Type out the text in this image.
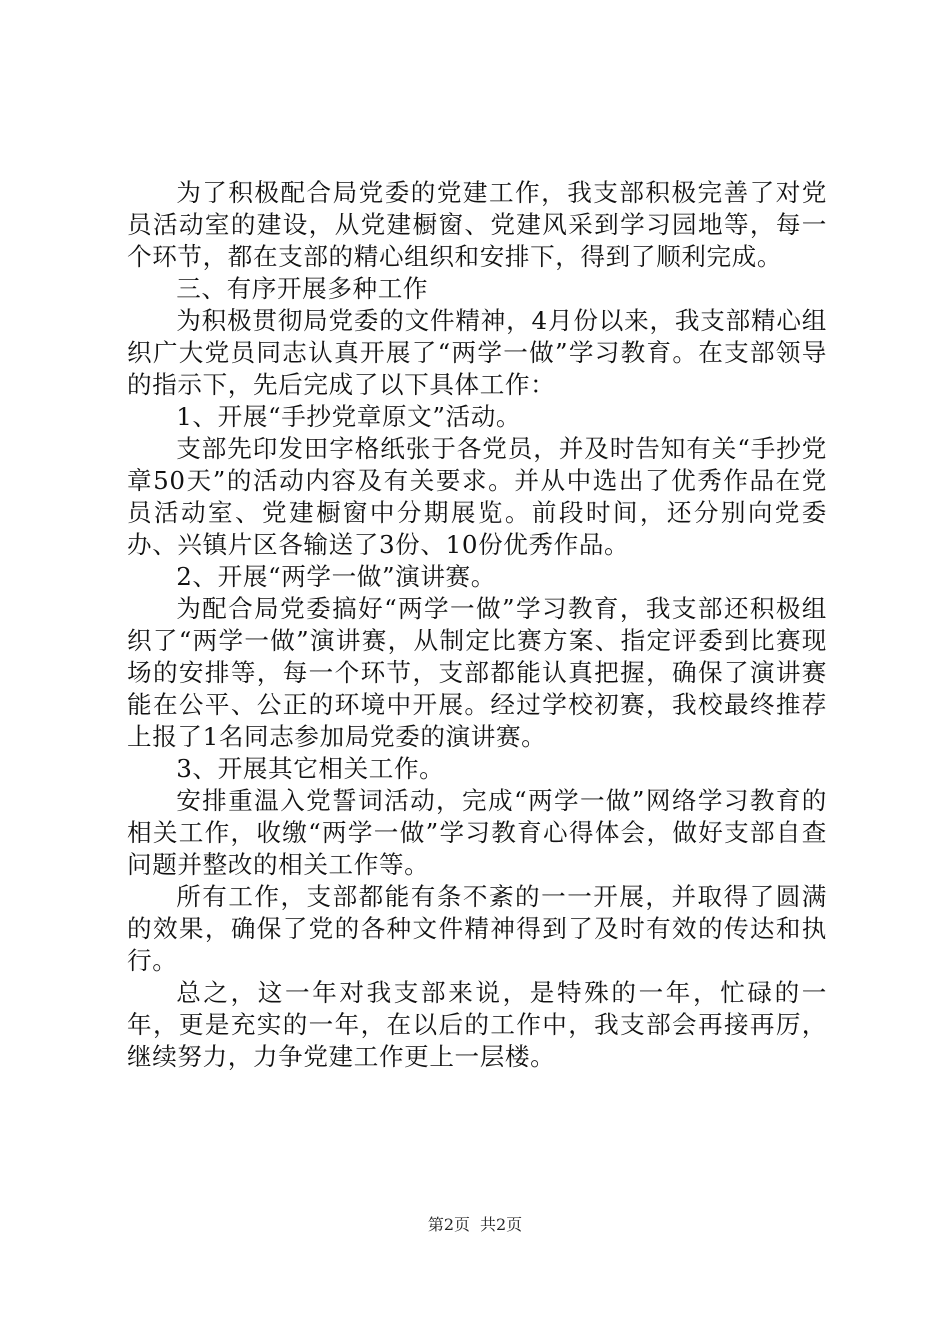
为了积极配合局党委的党建工作，我支部积极完善了对党员活动室的建设，从党建橱窗、党建风采到学习园地等，每一个环节，都在支部的精心组织和安排下，得到了顺利完成。

三、有序开展多种工作

为积极贯彻局党委的文件精神，4月份以来，我支部精心组织广大党员同志认真开展了“两学一做”学习教育。在支部领导的指示下，先后完成了以下具体工作：

1、开展“手抄党章原文”活动。

支部先印发田字格纸张于各党员，并及时告知有关“手抄党章50天”的活动内容及有关要求。并从中选出了优秀作品在党员活动室、党建橱窗中分期展览。前段时间，还分别向党委办、兴镇片区各输送了3份、10份优秀作品。

2、开展“两学一做”演讲赛。

为配合局党委搞好“两学一做”学习教育，我支部还积极组织了“两学一做”演讲赛，从制定比赛方案、指定评委到比赛现场的安排等，每一个环节，支部都能认真把握，确保了演讲赛能在公平、公正的环境中开展。经过学校初赛，我校最终推荐上报了1名同志参加局党委的演讲赛。

3、开展其它相关工作。

安排重温入党誓词活动，完成“两学一做”网络学习教育的相关工作，收缴“两学一做”学习教育心得体会，做好支部自查问题并整改的相关工作等。

所有工作，支部都能有条不紊的一一开展，并取得了圆满的效果，确保了党的各种文件精神得到了及时有效的传达和执行。

总之，这一年对我支部来说，是特殊的一年，忙碌的一年，更是充实的一年，在以后的工作中，我支部会再接再厉，继续努力，力争党建工作更上一层楼。

第2页 共2页
